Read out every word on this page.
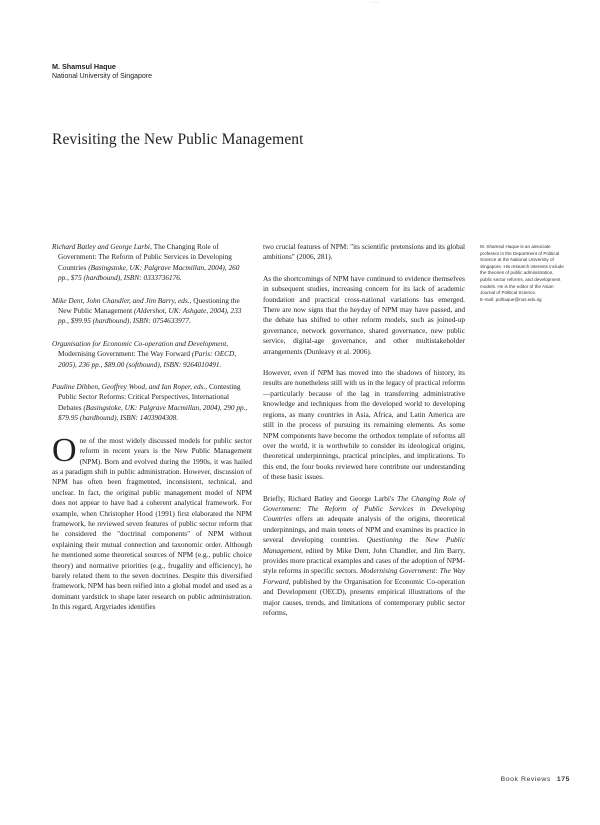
· · ·
M. Shamsul Haque
National University of Singapore
Revisiting the New Public Management

Richard Batley and George Larbi, The Changing Role of Government: The Reform of Public Services in Developing Countries (Basingstoke, UK: Palgrave Macmillan, 2004), 260 pp., $75 (hardbound), ISBN: 0333736176.

Mike Dent, John Chandler, and Jim Barry, eds., Questioning the New Public Management (Aldershot, UK: Ashgate, 2004), 233 pp., $99.95 (hardbound), ISBN: 0754633977.

Organisation for Economic Co-operation and Development, Modernising Government: The Way Forward (Paris: OECD, 2005), 236 pp., $89.00 (softbound), ISBN: 9264010491.

Pauline Dibben, Geoffrey Wood, and Ian Roper, eds., Contesting Public Sector Reforms: Critical Perspectives, International Debates (Basingstoke, UK: Palgrave Macmillan, 2004), 290 pp., $79.95 (hardbound), ISBN: 1403904308.

One of the most widely discussed models for public sector reform in recent years is the New Public Management (NPM). Born and evolved during the 1990s, it was hailed as a paradigm shift in public administration. However, discussion of NPM has often been fragmented, inconsistent, technical, and unclear. In fact, the original public management model of NPM does not appear to have had a coherent analytical framework. For example, when Christopher Hood (1991) first elaborated the NPM framework, he reviewed seven features of public sector reform that he considered the "doctrinal components" of NPM without explaining their mutual connection and taxonomic order. Although he mentioned some theoretical sources of NPM (e.g., public choice theory) and normative priorities (e.g., frugality and efficiency), he barely related them to the seven doctrines. Despite this diversified framework, NPM has been reified into a global model and used as a dominant yardstick to shape later research on public administration. In this regard, Argyriades identifies

two crucial features of NPM: "its scientific pretensions and its global ambitions" (2006, 281).

As the shortcomings of NPM have continued to evidence themselves in subsequent studies, increasing concern for its lack of academic foundation and practical cross-national variations has emerged. There are now signs that the heyday of NPM may have passed, and the debate has shifted to other reform models, such as joined-up governance, network governance, shared governance, new public service, digital-age governance, and other multistakeholder arrangements (Dunleavy et al. 2006).

However, even if NPM has moved into the shadows of history, its results are nonetheless still with us in the legacy of practical reforms—particularly because of the lag in transferring administrative knowledge and techniques from the developed world to developing regions, as many countries in Asia, Africa, and Latin America are still in the process of pursuing its remaining elements. As some NPM components have become the orthodox template of reforms all over the world, it is worthwhile to consider its ideological origins, theoretical underpinnings, practical principles, and implications. To this end, the four books reviewed here contribute our understanding of these basic issues.

Briefly, Richard Batley and George Larbi's The Changing Role of Government: The Reform of Public Services in Developing Countries offers an adequate analysis of the origins, theoretical underpinnings, and main tenets of NPM and examines its practice in several developing countries. Questioning the New Public Management, edited by Mike Dent, John Chandler, and Jim Barry, provides more practical examples and cases of the adoption of NPM-style reforms in specific sectors. Modernising Government: The Way Forward, published by the Organisation for Economic Co-operation and Development (OECD), presents empirical illustrations of the major causes, trends, and limitations of contemporary public sector reforms,

M. Shamsul Haque is an associate professor in the Department of Political Science at the National University of Singapore. His research interests include the theories of public administration, public sector reforms, and development models. He is the editor of the Asian Journal of Political Science.
E-mail: polhaque@nus.edu.sg
Book Reviews 175
